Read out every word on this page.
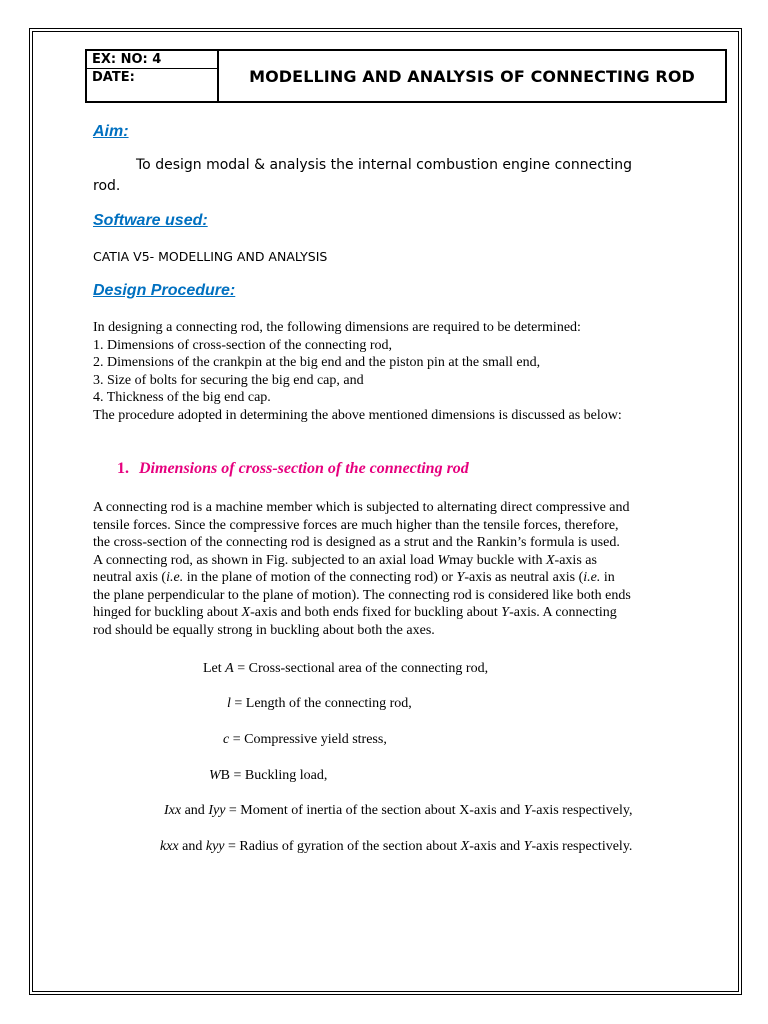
EX: NO: 4
DATE:	MODELLING AND ANALYSIS OF CONNECTING ROD
Aim:
To design modal & analysis the internal combustion engine connecting
rod.
Software used:
CATIA V5- MODELLING AND ANALYSIS
Design Procedure:
In designing a connecting rod, the following dimensions are required to be determined:
1. Dimensions of cross-section of the connecting rod,
2. Dimensions of the crankpin at the big end and the piston pin at the small end,
3. Size of bolts for securing the big end cap, and
4. Thickness of the big end cap.
The procedure adopted in determining the above mentioned dimensions is discussed as below:
1. Dimensions of cross-section of the connecting rod
A connecting rod is a machine member which is subjected to alternating direct compressive and
tensile forces. Since the compressive forces are much higher than the tensile forces, therefore,
the cross-section of the connecting rod is designed as a strut and the Rankin’s formula is used.
A connecting rod, as shown in Fig. subjected to an axial load Wmay buckle with X-axis as
neutral axis (i.e. in the plane of motion of the connecting rod) or Y-axis as neutral axis (i.e. in
the plane perpendicular to the plane of motion). The connecting rod is considered like both ends
hinged for buckling about X-axis and both ends fixed for buckling about Y-axis. A connecting
rod should be equally strong in buckling about both the axes.
Let A = Cross-sectional area of the connecting rod,
l = Length of the connecting rod,
c = Compressive yield stress,
WB = Buckling load,
Ixx and Iyy = Moment of inertia of the section about X-axis and Y-axis respectively,
kxx and kyy = Radius of gyration of the section about X-axis and Y-axis respectively.
